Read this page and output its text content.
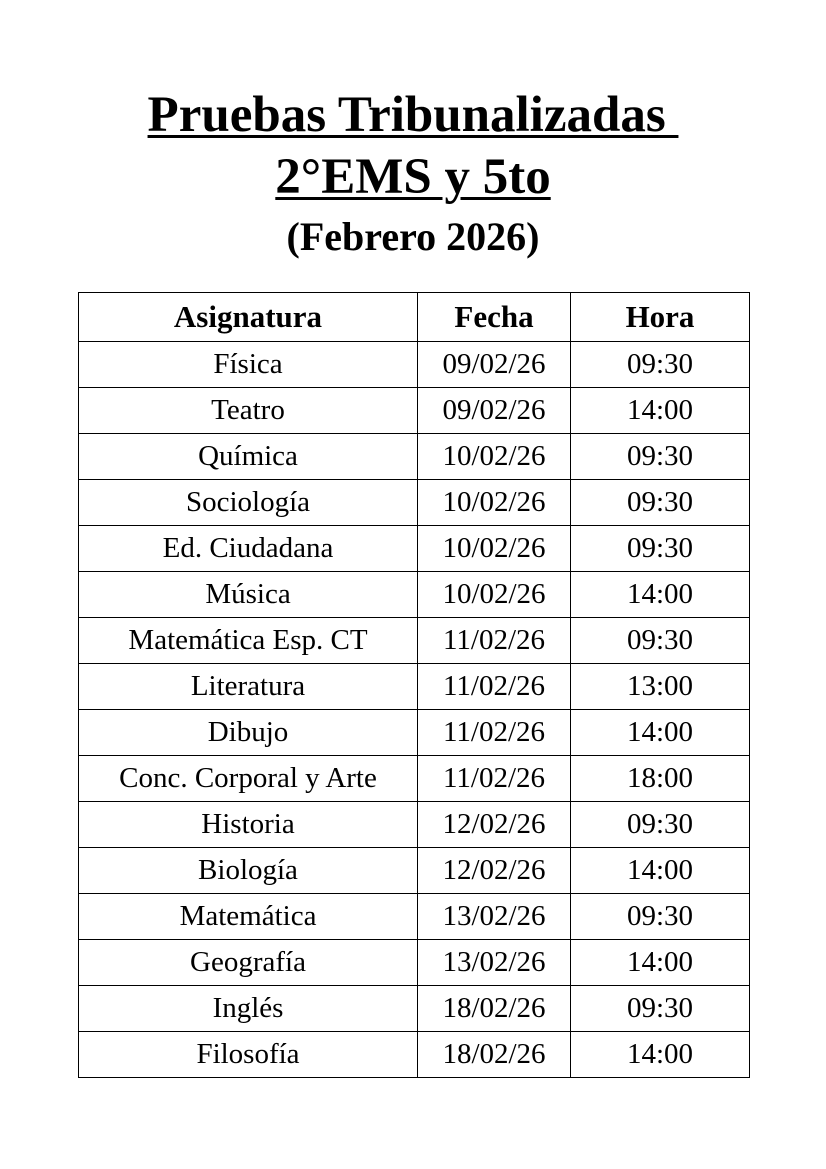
Pruebas Tribunalizadas
2°EMS y 5to
(Febrero 2026)
Asignatura	Fecha	Hora
Física	09/02/26	09:30
Teatro	09/02/26	14:00
Química	10/02/26	09:30
Sociología	10/02/26	09:30
Ed. Ciudadana	10/02/26	09:30
Música	10/02/26	14:00
Matemática Esp. CT	11/02/26	09:30
Literatura	11/02/26	13:00
Dibujo	11/02/26	14:00
Conc. Corporal y Arte	11/02/26	18:00
Historia	12/02/26	09:30
Biología	12/02/26	14:00
Matemática	13/02/26	09:30
Geografía	13/02/26	14:00
Inglés	18/02/26	09:30
Filosofía	18/02/26	14:00
